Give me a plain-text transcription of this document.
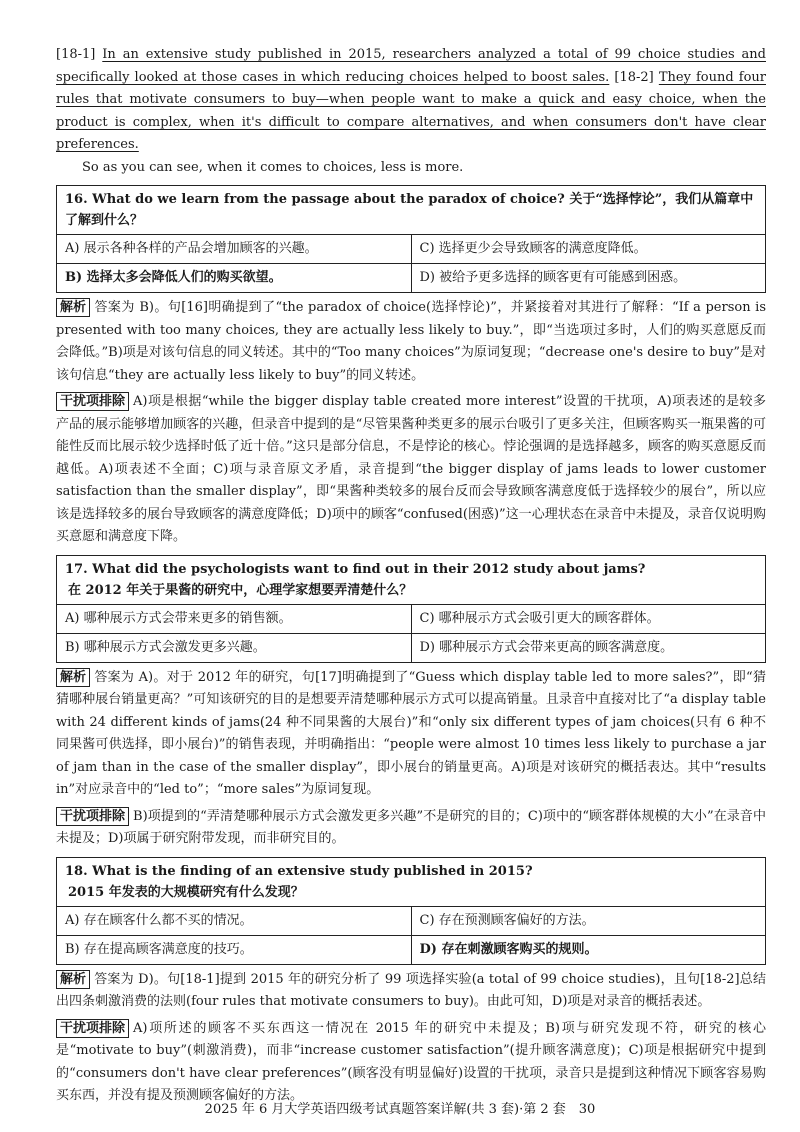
[18-1] In an extensive study published in 2015, researchers analyzed a total of 99 choice studies and specifically looked at those cases in which reducing choices helped to boost sales. [18-2] They found four rules that motivate consumers to buy—when people want to make a quick and easy choice, when the product is complex, when it's difficult to compare alternatives, and when consumers don't have clear preferences.

So as you can see, when it comes to choices, less is more.

16. What do we learn from the passage about the paradox of choice? 关于“选择悖论”，我们从篇章中了解到什么？	
A) 展示各种各样的产品会增加顾客的兴趣。	C) 选择更少会导致顾客的满意度降低。
B) 选择太多会降低人们的购买欲望。	D) 被给予更多选择的顾客更有可能感到困惑。

解析 答案为 B)。句[16]明确提到了“the paradox of choice(选择悖论)”，并紧接着对其进行了解释：“If a person is presented with too many choices, they are actually less likely to buy.”，即“当选项过多时，人们的购买意愿反而会降低。”B)项是对该句信息的同义转述。其中的“Too many choices”为原词复现；“decrease one's desire to buy”是对该句信息“they are actually less likely to buy”的同义转述。

干扰项排除 A)项是根据“while the bigger display table created more interest”设置的干扰项，A)项表述的是较多产品的展示能够增加顾客的兴趣，但录音中提到的是“尽管果酱种类更多的展示台吸引了更多关注，但顾客购买一瓶果酱的可能性反而比展示较少选择时低了近十倍。”这只是部分信息，不是悖论的核心。悖论强调的是选择越多，顾客的购买意愿反而越低。A)项表述不全面；C)项与录音原文矛盾，录音提到“the bigger display of jams leads to lower customer satisfaction than the smaller display”，即“果酱种类较多的展台反而会导致顾客满意度低于选择较少的展台”，所以应该是选择较多的展台导致顾客的满意度降低；D)项中的顾客“confused(困惑)”这一心理状态在录音中未提及，录音仅说明购买意愿和满意度下降。

17. What did the psychologists want to find out in their 2012 study about jams?
在 2012 年关于果酱的研究中，心理学家想要弄清楚什么？	

A) 哪种展示方式会带来更多的销售额。	C) 哪种展示方式会吸引更大的顾客群体。
B) 哪种展示方式会激发更多兴趣。	D) 哪种展示方式会带来更高的顾客满意度。

解析 答案为 A)。对于 2012 年的研究，句[17]明确提到了“Guess which display table led to more sales?”，即“猜猜哪种展台销量更高？”可知该研究的目的是想要弄清楚哪种展示方式可以提高销量。且录音中直接对比了“a display table with 24 different kinds of jams(24 种不同果酱的大展台)”和“only six different types of jam choices(只有 6 种不同果酱可供选择，即小展台)”的销售表现，并明确指出：“people were almost 10 times less likely to purchase a jar of jam than in the case of the smaller display”，即小展台的销量更高。A)项是对该研究的概括表达。其中“results in”对应录音中的“led to”；“more sales”为原词复现。

干扰项排除 B)项提到的“弄清楚哪种展示方式会激发更多兴趣”不是研究的目的；C)项中的“顾客群体规模的大小”在录音中未提及；D)项属于研究附带发现，而非研究目的。

18. What is the finding of an extensive study published in 2015?
2015 年发表的大规模研究有什么发现？	

A) 存在顾客什么都不买的情况。	C) 存在预测顾客偏好的方法。
B) 存在提高顾客满意度的技巧。	D) 存在刺激顾客购买的规则。

解析 答案为 D)。句[18-1]提到 2015 年的研究分析了 99 项选择实验(a total of 99 choice studies)，且句[18-2]总结出四条刺激消费的法则(four rules that motivate consumers to buy)。由此可知，D)项是对录音的概括表述。

干扰项排除 A)项所述的顾客不买东西这一情况在 2015 年的研究中未提及；B)项与研究发现不符，研究的核心是“motivate to buy”(刺激消费)，而非“increase customer satisfaction”(提升顾客满意度)；C)项是根据研究中提到的“consumers don't have clear preferences”(顾客没有明显偏好)设置的干扰项，录音只是提到这种情况下顾客容易购买东西，并没有提及预测顾客偏好的方法。

2025 年 6 月大学英语四级考试真题答案详解(共 3 套)·第 2 套　30
